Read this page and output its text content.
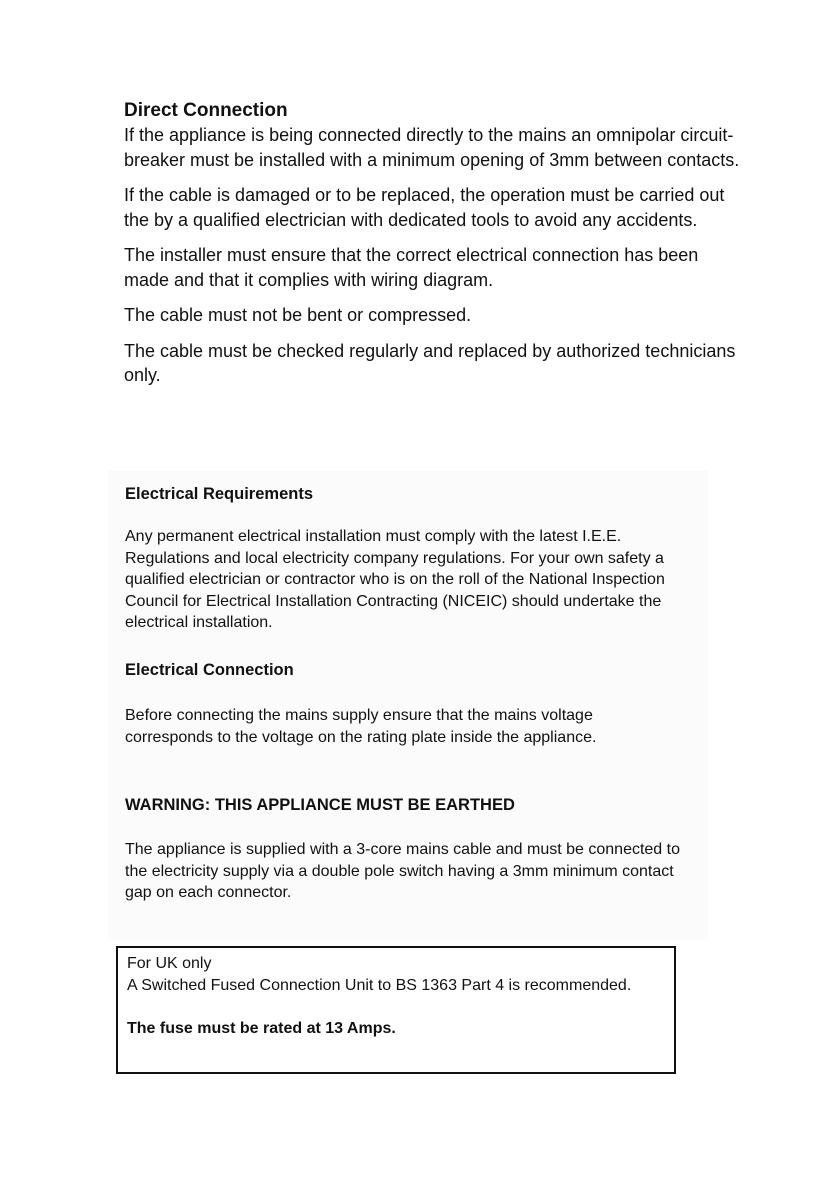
Direct Connection

If the appliance is being connected directly to the mains an omnipolar circuit-breaker must be installed with a minimum opening of 3mm between contacts.

If the cable is damaged or to be replaced, the operation must be carried out the by a qualified electrician with dedicated tools to avoid any accidents.

The installer must ensure that the correct electrical connection has been made and that it complies with wiring diagram.

The cable must not be bent or compressed.

The cable must be checked regularly and replaced by authorized technicians only.

Electrical Requirements

Any permanent electrical installation must comply with the latest I.E.E. Regulations and local electricity company regulations. For your own safety a qualified electrician or contractor who is on the roll of the National Inspection Council for Electrical Installation Contracting (NICEIC) should undertake the electrical installation.

Electrical Connection

Before connecting the mains supply ensure that the mains voltage corresponds to the voltage on the rating plate inside the appliance.

WARNING: THIS APPLIANCE MUST BE EARTHED

The appliance is supplied with a 3-core mains cable and must be connected to the electricity supply via a double pole switch having a 3mm minimum contact gap on each connector.

For UK only

A Switched Fused Connection Unit to BS 1363 Part 4 is recommended.

The fuse must be rated at 13 Amps.
